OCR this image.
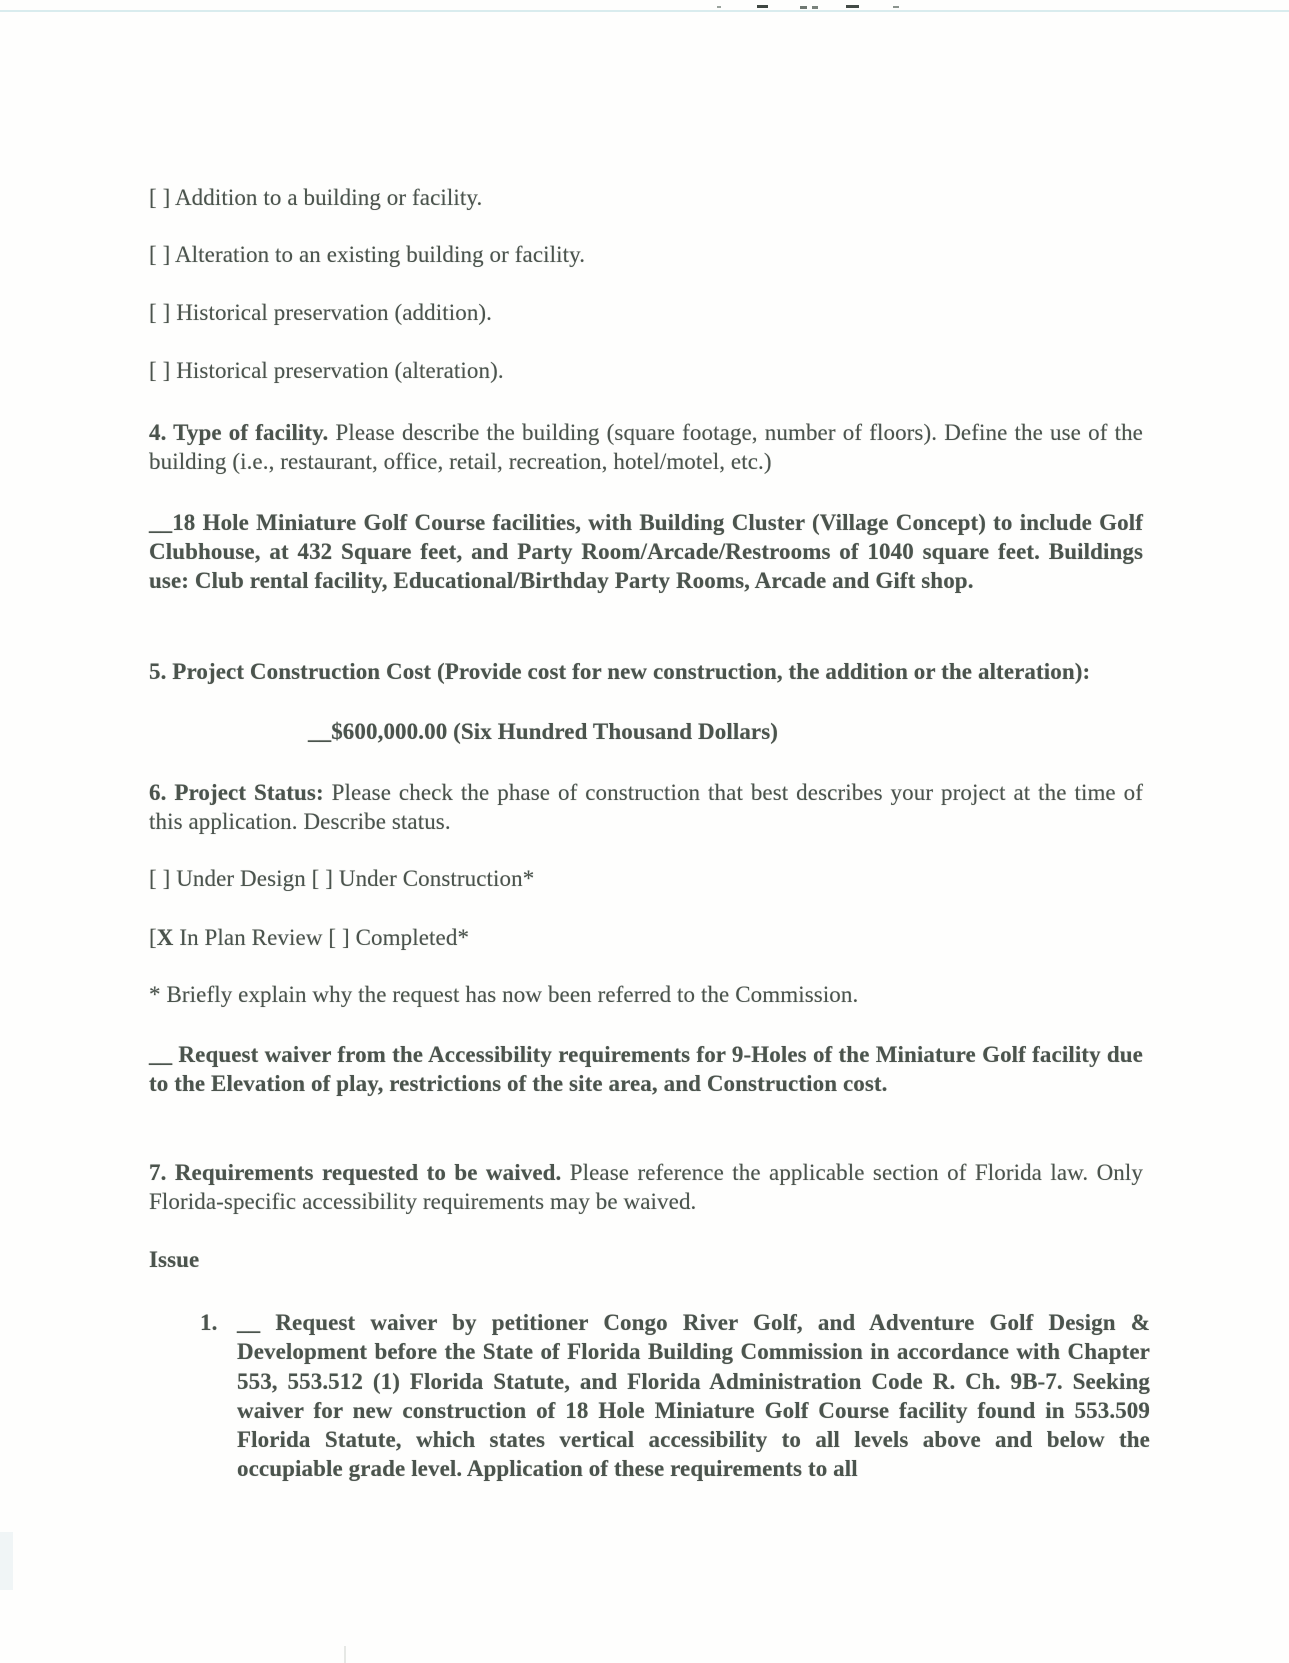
[ ] Addition to a building or facility.
[ ] Alteration to an existing building or facility.
[ ] Historical preservation (addition).
[ ] Historical preservation (alteration).
4. Type of facility. Please describe the building (square footage, number of floors). Define the use of the building (i.e., restaurant, office, retail, recreation, hotel/motel, etc.)
__18 Hole Miniature Golf Course facilities, with Building Cluster (Village Concept) to include Golf Clubhouse, at 432 Square feet, and Party Room/Arcade/Restrooms of 1040 square feet. Buildings use: Club rental facility, Educational/Birthday Party Rooms, Arcade and Gift shop.
5. Project Construction Cost (Provide cost for new construction, the addition or the alteration):
__$600,000.00 (Six Hundred Thousand Dollars)
6. Project Status: Please check the phase of construction that best describes your project at the time of this application. Describe status.
[ ] Under Design [ ] Under Construction*
[X In Plan Review [ ] Completed*
* Briefly explain why the request has now been referred to the Commission.
__ Request waiver from the Accessibility requirements for 9-Holes of the Miniature Golf facility due to the Elevation of play, restrictions of the site area, and Construction cost.
7. Requirements requested to be waived. Please reference the applicable section of Florida law. Only Florida-specific accessibility requirements may be waived.
Issue
1. __ Request waiver by petitioner Congo River Golf, and Adventure Golf Design & Development before the State of Florida Building Commission in accordance with Chapter 553, 553.512 (1) Florida Statute, and Florida Administration Code R. Ch. 9B-7. Seeking waiver for new construction of 18 Hole Miniature Golf Course facility found in 553.509 Florida Statute, which states vertical accessibility to all levels above and below the occupiable grade level. Application of these requirements to all
